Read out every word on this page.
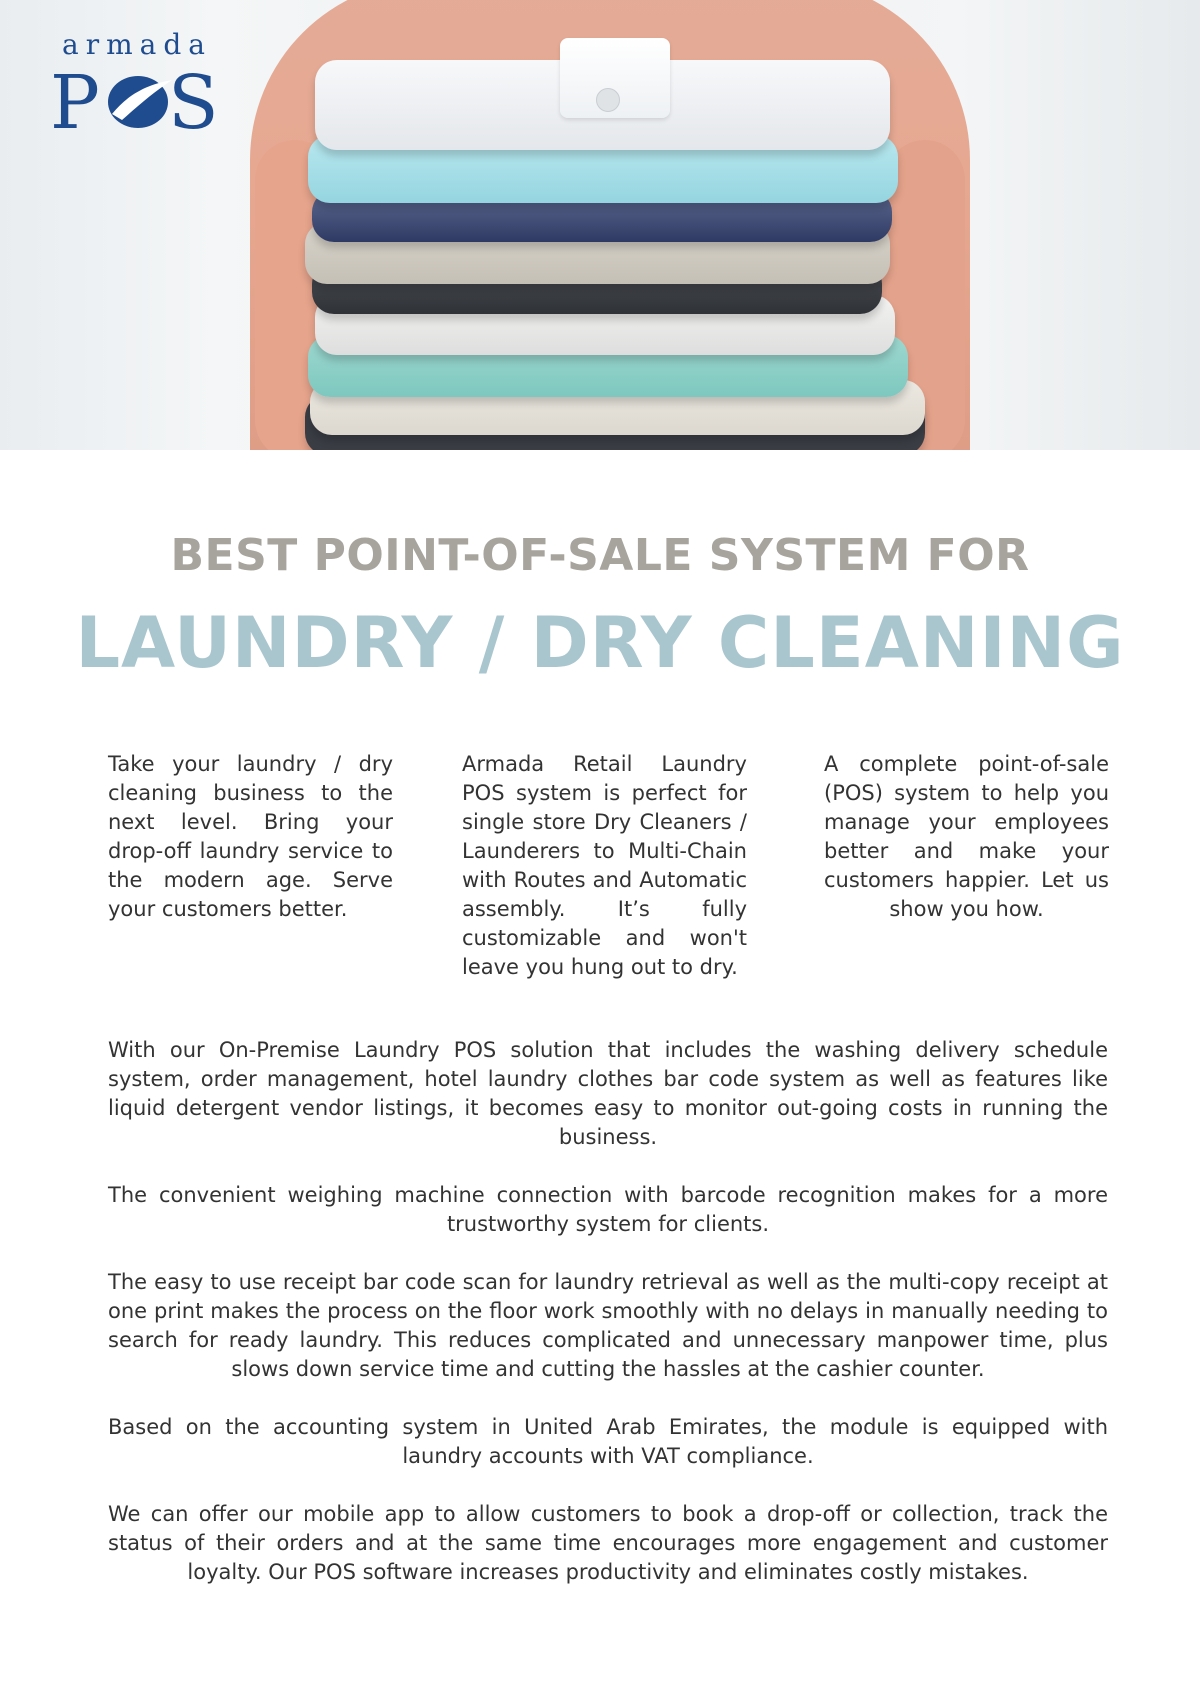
armada
P S
BEST POINT-OF-SALE SYSTEM FOR
LAUNDRY / DRY CLEANING
Take your laundry / dry cleaning business to the next level. Bring your drop-off laundry service to the modern age. Serve your customers better.
Armada Retail Laundry POS system is perfect for single store Dry Cleaners / Launderers to Multi-Chain with Routes and Automatic assembly. It’s fully customizable and won't leave you hung out to dry.
A complete point-of-sale (POS) system to help you manage your employees better and make your customers happier. Let us show you how.

With our On-Premise Laundry POS solution that includes the washing delivery schedule system, order management, hotel laundry clothes bar code system as well as features like liquid detergent vendor listings, it becomes easy to monitor out-going costs in running the business.

The convenient weighing machine connection with barcode recognition makes for a more trustworthy system for clients.

The easy to use receipt bar code scan for laundry retrieval as well as the multi-copy receipt at one print makes the process on the floor work smoothly with no delays in manually needing to search for ready laundry. This reduces complicated and unnecessary manpower time, plus slows down service time and cutting the hassles at the cashier counter.

Based on the accounting system in United Arab Emirates, the module is equipped with laundry accounts with VAT compliance.

We can offer our mobile app to allow customers to book a drop-off or collection, track the status of their orders and at the same time encourages more engagement and customer loyalty. Our POS software increases productivity and eliminates costly mistakes.
